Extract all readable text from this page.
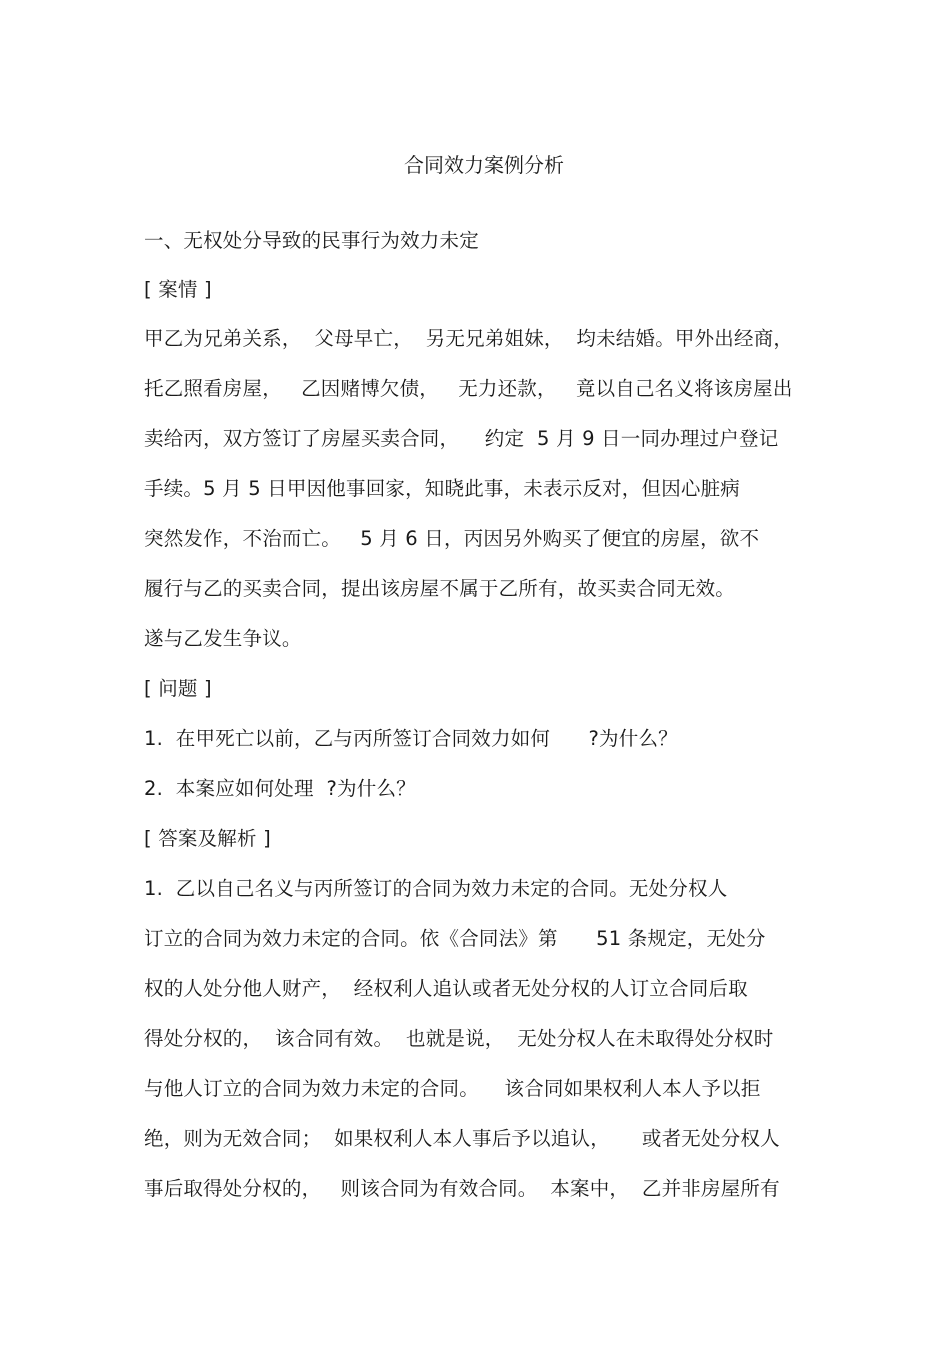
合同效力案例分析
一、无权处分导致的民事行为效力未定
[ 案情 ]
甲乙为兄弟关系，  父母早亡，  另无兄弟姐妹，  均未结婚。甲外出经商，
托乙照看房屋，   乙因赌博欠债，   无力还款，   竟以自己名义将该房屋出
卖给丙，双方签订了房屋买卖合同，    约定  5 月 9 日一同办理过户登记
手续。5 月 5 日甲因他事回家，知晓此事，未表示反对，但因心脏病
突然发作，不治而亡。   5 月 6 日，丙因另外购买了便宜的房屋，欲不
履行与乙的买卖合同，提出该房屋不属于乙所有，故买卖合同无效。
遂与乙发生争议。
[ 问题 ]
1.  在甲死亡以前，乙与丙所签订合同效力如何      ?为什么？
2.  本案应如何处理  ?为什么？
[ 答案及解析 ]
1.  乙以自己名义与丙所签订的合同为效力未定的合同。无处分权人
订立的合同为效力未定的合同。依《合同法》第      51 条规定，无处分
权的人处分他人财产，  经权利人追认或者无处分权的人订立合同后取
得处分权的，  该合同有效。  也就是说，  无处分权人在未取得处分权时
与他人订立的合同为效力未定的合同。    该合同如果权利人本人予以拒
绝，则为无效合同；  如果权利人本人事后予以追认，     或者无处分权人
事后取得处分权的，   则该合同为有效合同。  本案中，  乙并非房屋所有
